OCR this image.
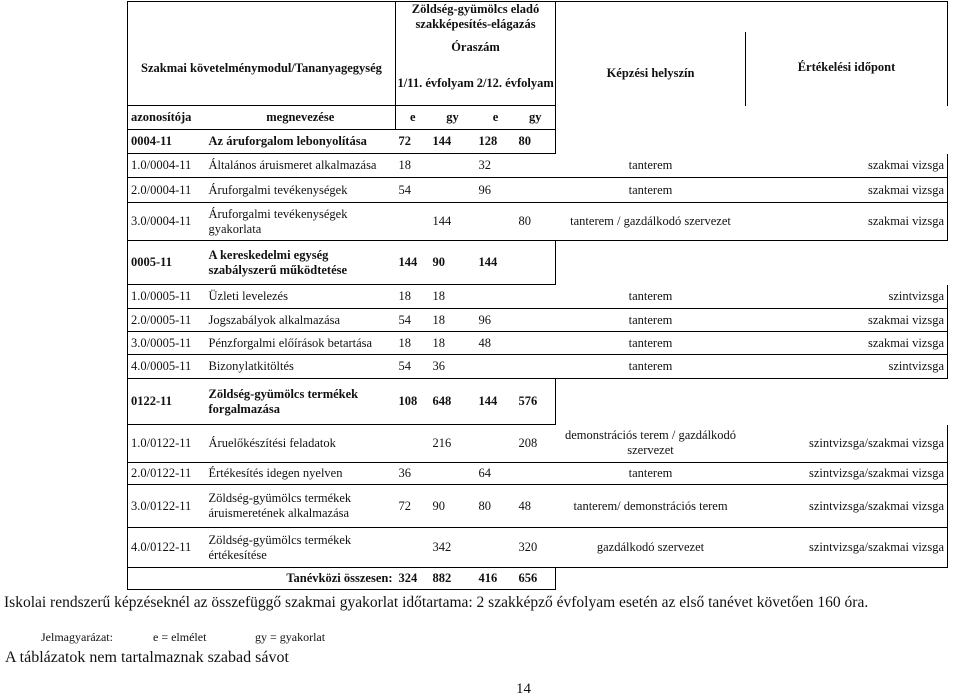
		Zöldség-gyümölcs eladó szakképesítés-elágazás					
Szakmai követelménymodul/Tananyagegység		Óraszám
1/11. évfolyam 2/12. évfolyam				Képzési helyszín	Értékelési időpont
azonosítója	megnevezése	e	gy	e	gy		
0004-11	Az áruforgalom lebonyolítása	72	144	128	80		
1.0/0004-11	Általános áruismeret alkalmazása	18		32		tanterem	szakmai vizsga
2.0/0004-11	Áruforgalmi tevékenységek	54		96		tanterem	szakmai vizsga
3.0/0004-11	Áruforgalmi tevékenységek gyakorlata		144		80	tanterem / gazdálkodó szervezet	szakmai vizsga
0005-11	A kereskedelmi egység szabályszerű működtetése	144	90	144			
1.0/0005-11	Üzleti levelezés	18	18			tanterem	szintvizsga
2.0/0005-11	Jogszabályok alkalmazása	54	18	96		tanterem	szakmai vizsga
3.0/0005-11	Pénzforgalmi előírások betartása	18	18	48		tanterem	szakmai vizsga
4.0/0005-11	Bizonylatkitöltés	54	36			tanterem	szintvizsga
0122-11	Zöldség-gyümölcs termékek forgalmazása	108	648	144	576		
1.0/0122-11	Áruelőkészítési feladatok		216		208	demonstrációs terem / gazdálkodó szervezet	szintvizsga/szakmai vizsga
2.0/0122-11	Értékesítés idegen nyelven	36		64		tanterem	szintvizsga/szakmai vizsga
3.0/0122-11	Zöldség-gyümölcs termékek áruismeretének alkalmazása	72	90	80	48	tanterem/ demonstrációs terem	szintvizsga/szakmai vizsga
4.0/0122-11	Zöldség-gyümölcs termékek értékesítése		342		320	gazdálkodó szervezet	szintvizsga/szakmai vizsga
	Tanévközi összesen:	324	882	416	656		
Iskolai rendszerű képzéseknél az összefüggő szakmai gyakorlat időtartama: 2 szakképző évfolyam esetén az első tanévet követően 160 óra.
Jelmagyarázat:	e = elmélet	gy = gyakorlat
A táblázatok nem tartalmaznak szabad sávot
14
